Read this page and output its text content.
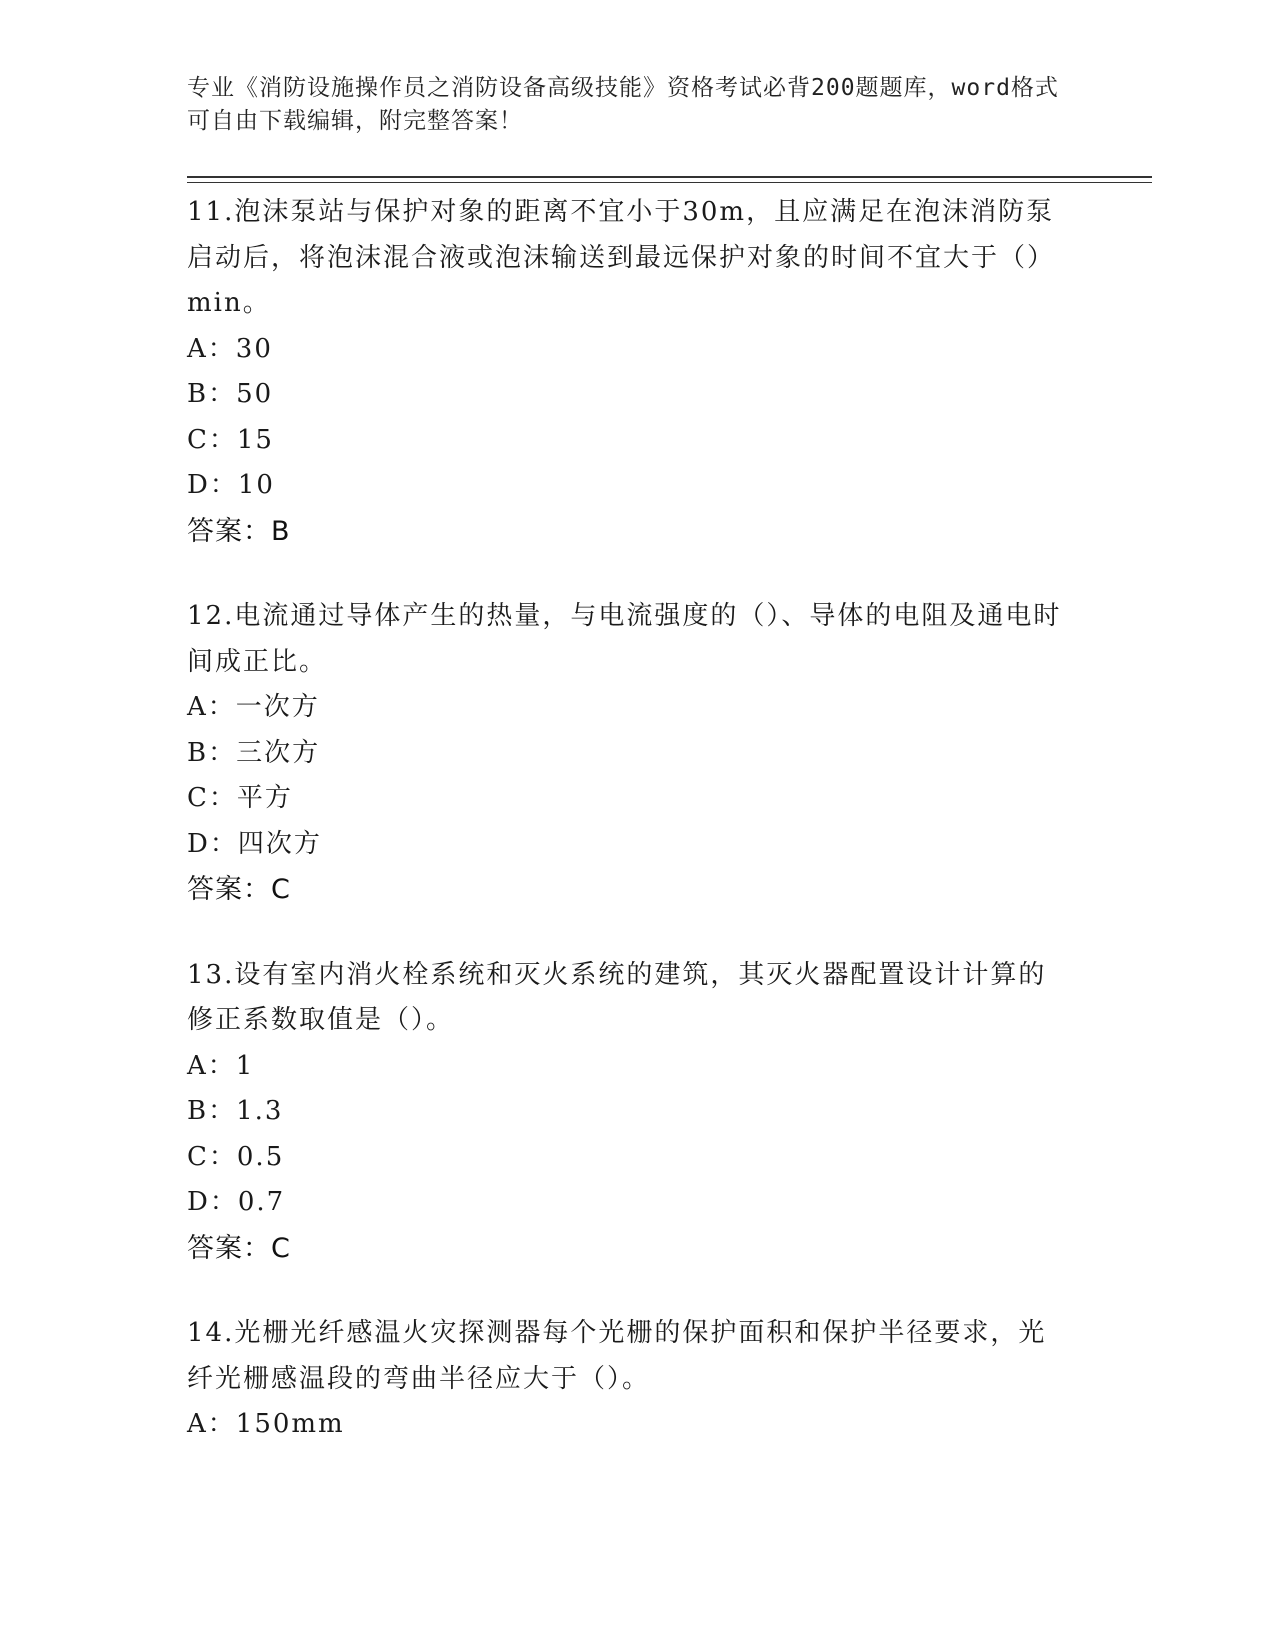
专业《消防设施操作员之消防设备高级技能》资格考试必背200题题库，word格式可自由下载编辑，附完整答案！
11.泡沫泵站与保护对象的距离不宜小于30m，且应满足在泡沫消防泵启动后，将泡沫混合液或泡沫输送到最远保护对象的时间不宜大于（）min。
A：30
B：50
C：15
D：10
答案：B
12.电流通过导体产生的热量，与电流强度的（）、导体的电阻及通电时间成正比。
A：一次方
B：三次方
C：平方
D：四次方
答案：C
13.设有室内消火栓系统和灭火系统的建筑，其灭火器配置设计计算的修正系数取值是（）。
A：1
B：1.3
C：0.5
D：0.7
答案：C
14.光栅光纤感温火灾探测器每个光栅的保护面积和保护半径要求，光纤光栅感温段的弯曲半径应大于（）。
A：150mm
